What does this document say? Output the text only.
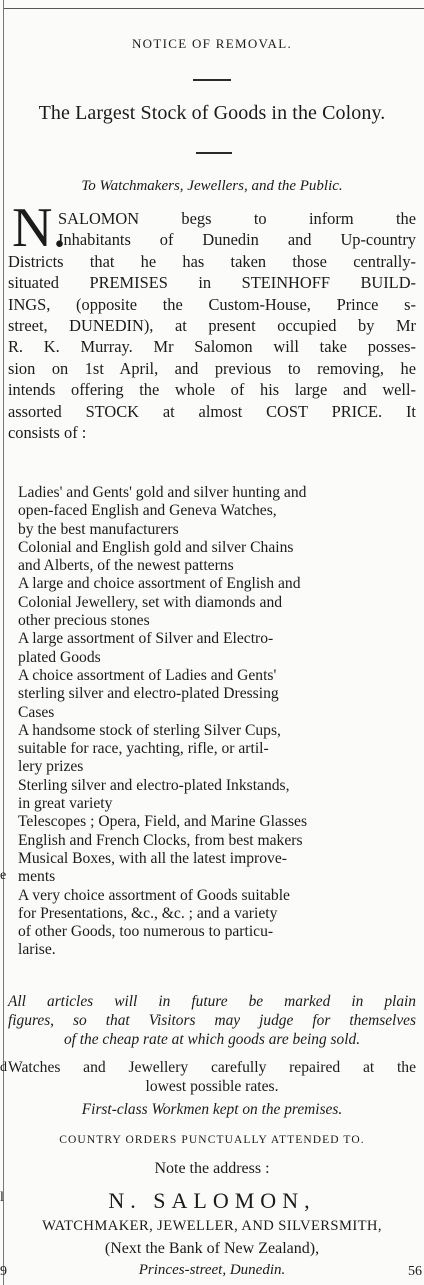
e
d
l
9	56
NOTICE OF REMOVAL.
The Largest Stock of Goods in the Colony.
To Watchmakers, Jewellers, and the Public.
N.
SALOMON begs to inform the
Inhabitants of Dunedin and Up-country
Districts that he has taken those centrally-
situated PREMISES in STEINHOFF BUILD-
INGS, (opposite the Custom-House, Prince s-
street, DUNEDIN), at present occupied by Mr
R. K. Murray. Mr Salomon will take posses-
sion on 1st April, and previous to removing, he
intends offering the whole of his large and well-
assorted STOCK at almost COST PRICE. It
consists of :
Ladies' and Gents' gold and silver hunting and
open-faced English and Geneva Watches,
by the best manufacturers
Colonial and English gold and silver Chains
and Alberts, of the newest patterns
A large and choice assortment of English and
Colonial Jewellery, set with diamonds and
other precious stones
A large assortment of Silver and Electro-
plated Goods
A choice assortment of Ladies and Gents'
sterling silver and electro-plated Dressing
Cases
A handsome stock of sterling Silver Cups,
suitable for race, yachting, rifle, or artil-
lery prizes
Sterling silver and electro-plated Inkstands,
in great variety
Telescopes ; Opera, Field, and Marine Glasses
English and French Clocks, from best makers
Musical Boxes, with all the latest improve-
ments
A very choice assortment of Goods suitable
for Presentations, &c., &c. ; and a variety
of other Goods, too numerous to particu-
larise.
All articles will in future be marked in plain
figures, so that Visitors may judge for themselves
of the cheap rate at which goods are being sold.
Watches and Jewellery carefully repaired at the
lowest possible rates.
First-class Workmen kept on the premises.
COUNTRY ORDERS PUNCTUALLY ATTENDED TO.
Note the address :
N. SALOMON,
WATCHMAKER, JEWELLER, AND SILVERSMITH,
(Next the Bank of New Zealand),
Princes-street, Dunedin.
